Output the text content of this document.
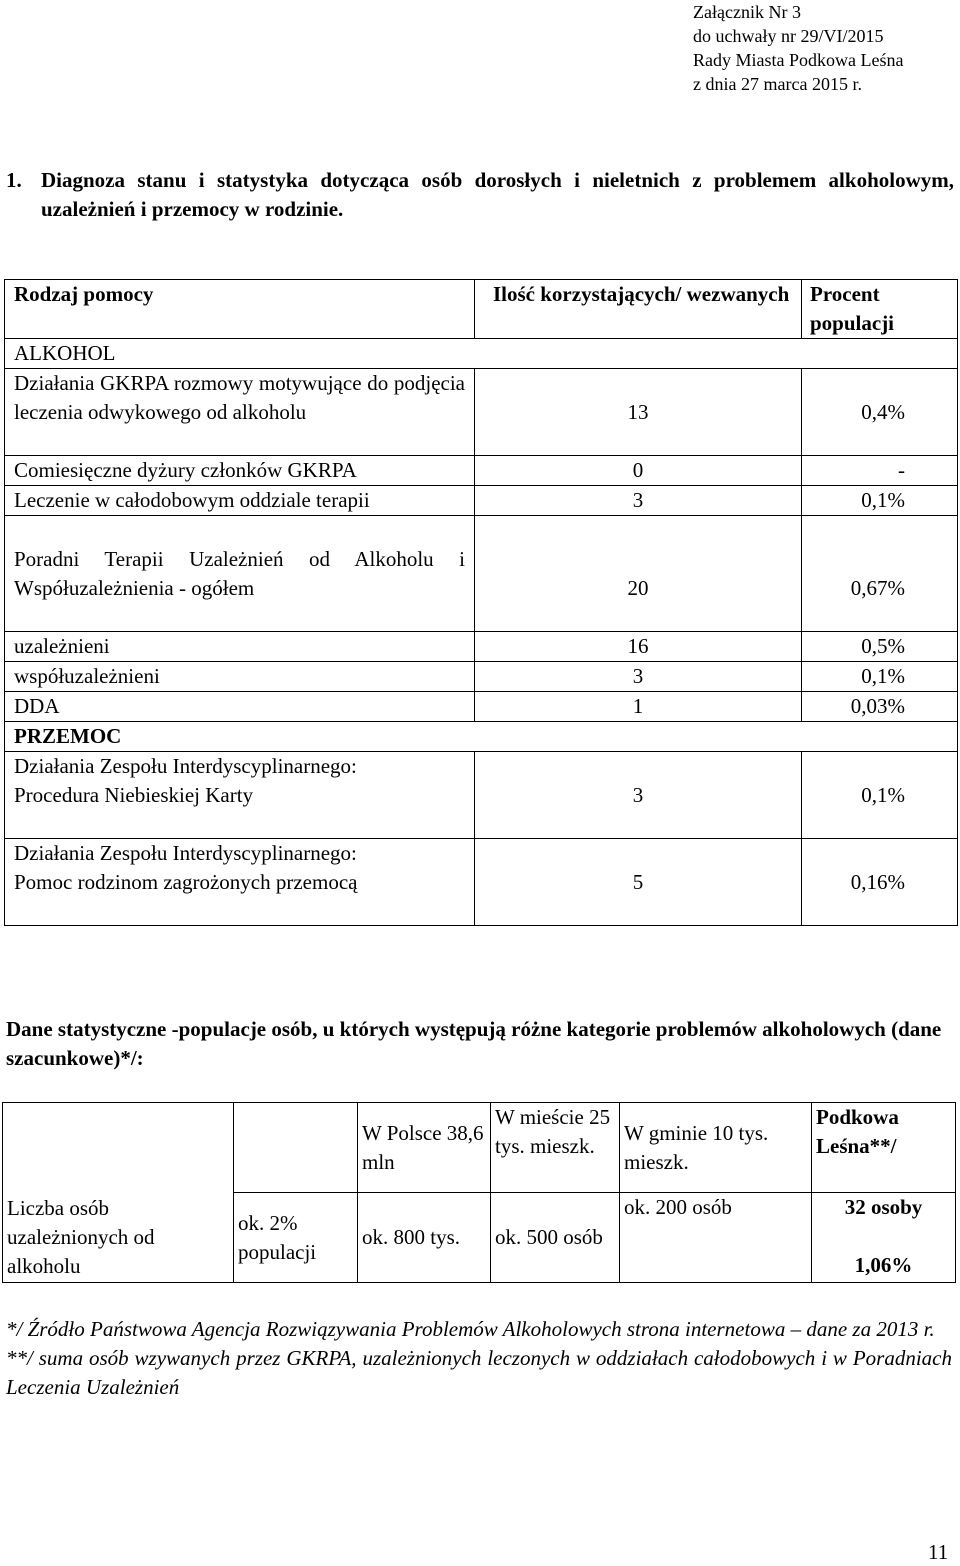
Załącznik Nr 3
do uchwały nr 29/VI/2015
Rady Miasta Podkowa Leśna
z dnia 27 marca 2015 r.
1. Diagnoza stanu i statystyka dotycząca osób dorosłych i nieletnich z problemem alkoholowym, uzależnień i przemocy w rodzinie.
Rodzaj pomocy	Ilość korzystających/ wezwanych	Procent populacji
ALKOHOL		
Działania GKRPA rozmowy motywujące do podjęcia leczenia odwykowego od alkoholu	13	0,4%
Comiesięczne dyżury członków GKRPA	0	-
Leczenie w całodobowym oddziale terapii	3	0,1%
Poradni Terapii Uzależnień od Alkoholu i Współuzależnienia - ogółem	20	0,67%
uzależnieni	16	0,5%
współuzależnieni	3	0,1%
DDA	1	0,03%
PRZEMOC		

Działania Zespołu Interdyscyplinarnego:
Procedura Niebieskiej Karty	3	0,1%

Działania Zespołu Interdyscyplinarnego:
Pomoc rodzinom zagrożonych przemocą	5	0,16%
Dane statystyczne -populacje osób, u których występują różne kategorie problemów alkoholowych (dane szacunkowe)*/:
		W Polsce 38,6 mln	W mieście 25 tys. mieszk.	W gminie 10 tys. mieszk.	Podkowa Leśna**/
Liczba osób uzależnionych od alkoholu	ok. 2% populacji	ok. 800 tys.	ok. 500 osób	ok. 200 osób	32 osoby
1,06%
*/ Źródło Państwowa Agencja Rozwiązywania Problemów Alkoholowych strona internetowa – dane za 2013 r.
**/ suma osób wzywanych przez GKRPA, uzależnionych leczonych w oddziałach całodobowych i w Poradniach Leczenia Uzależnień
11
